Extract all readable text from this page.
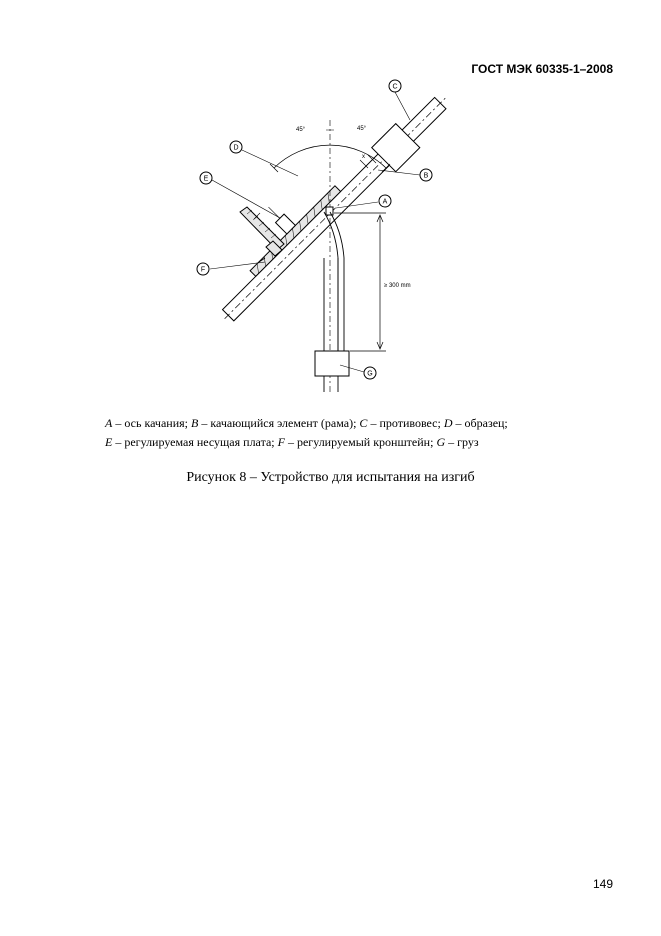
ГОСТ МЭК 60335-1–2008
C
D
E	B
A
F
G
45°	45°
x
≥ 300 mm
A – ось качания; B – качающийся элемент (рама); C – противовес; D – образец;
E – регулируемая несущая плата; F – регулируемый кронштейн; G – груз
Рисунок 8 – Устройство для испытания на изгиб
149
